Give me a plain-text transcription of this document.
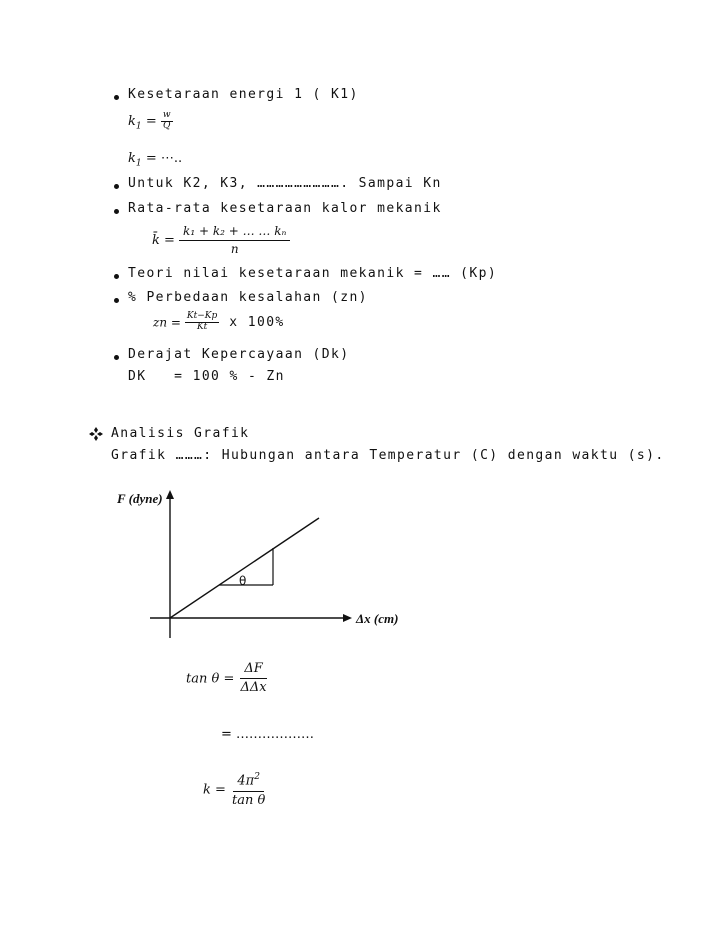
Kesetaraan energi 1 ( K1)
$k_1 = \frac{w}{Q}$
$k_1$ = ⋯..
Untuk K2, K3, ………………………. Sampai Kn
Rata-rata kesetaraan kalor mekanik
k̄ = $\frac{\text{k₁ + k₂ + … … kₙ}}{n}$
Teori nilai kesetaraan mekanik = …… (Kp)
% Perbedaan kesalahan (zn)
zn = $\frac{Kt-Kp}{Kt}$ x 100%
Derajat Kepercayaan (Dk)
DK   = 100 % - Zn
Analisis Grafik
Grafik ………: Hubungan antara Temperatur (C) dengan waktu (s).
F (dyne)
Δx (cm)
θ
$\tan \theta = \frac{\Delta F}{\text{ΔΔx}}$
= ………………
$k = \frac{4\pi^2}{\text{tan θ}}$
